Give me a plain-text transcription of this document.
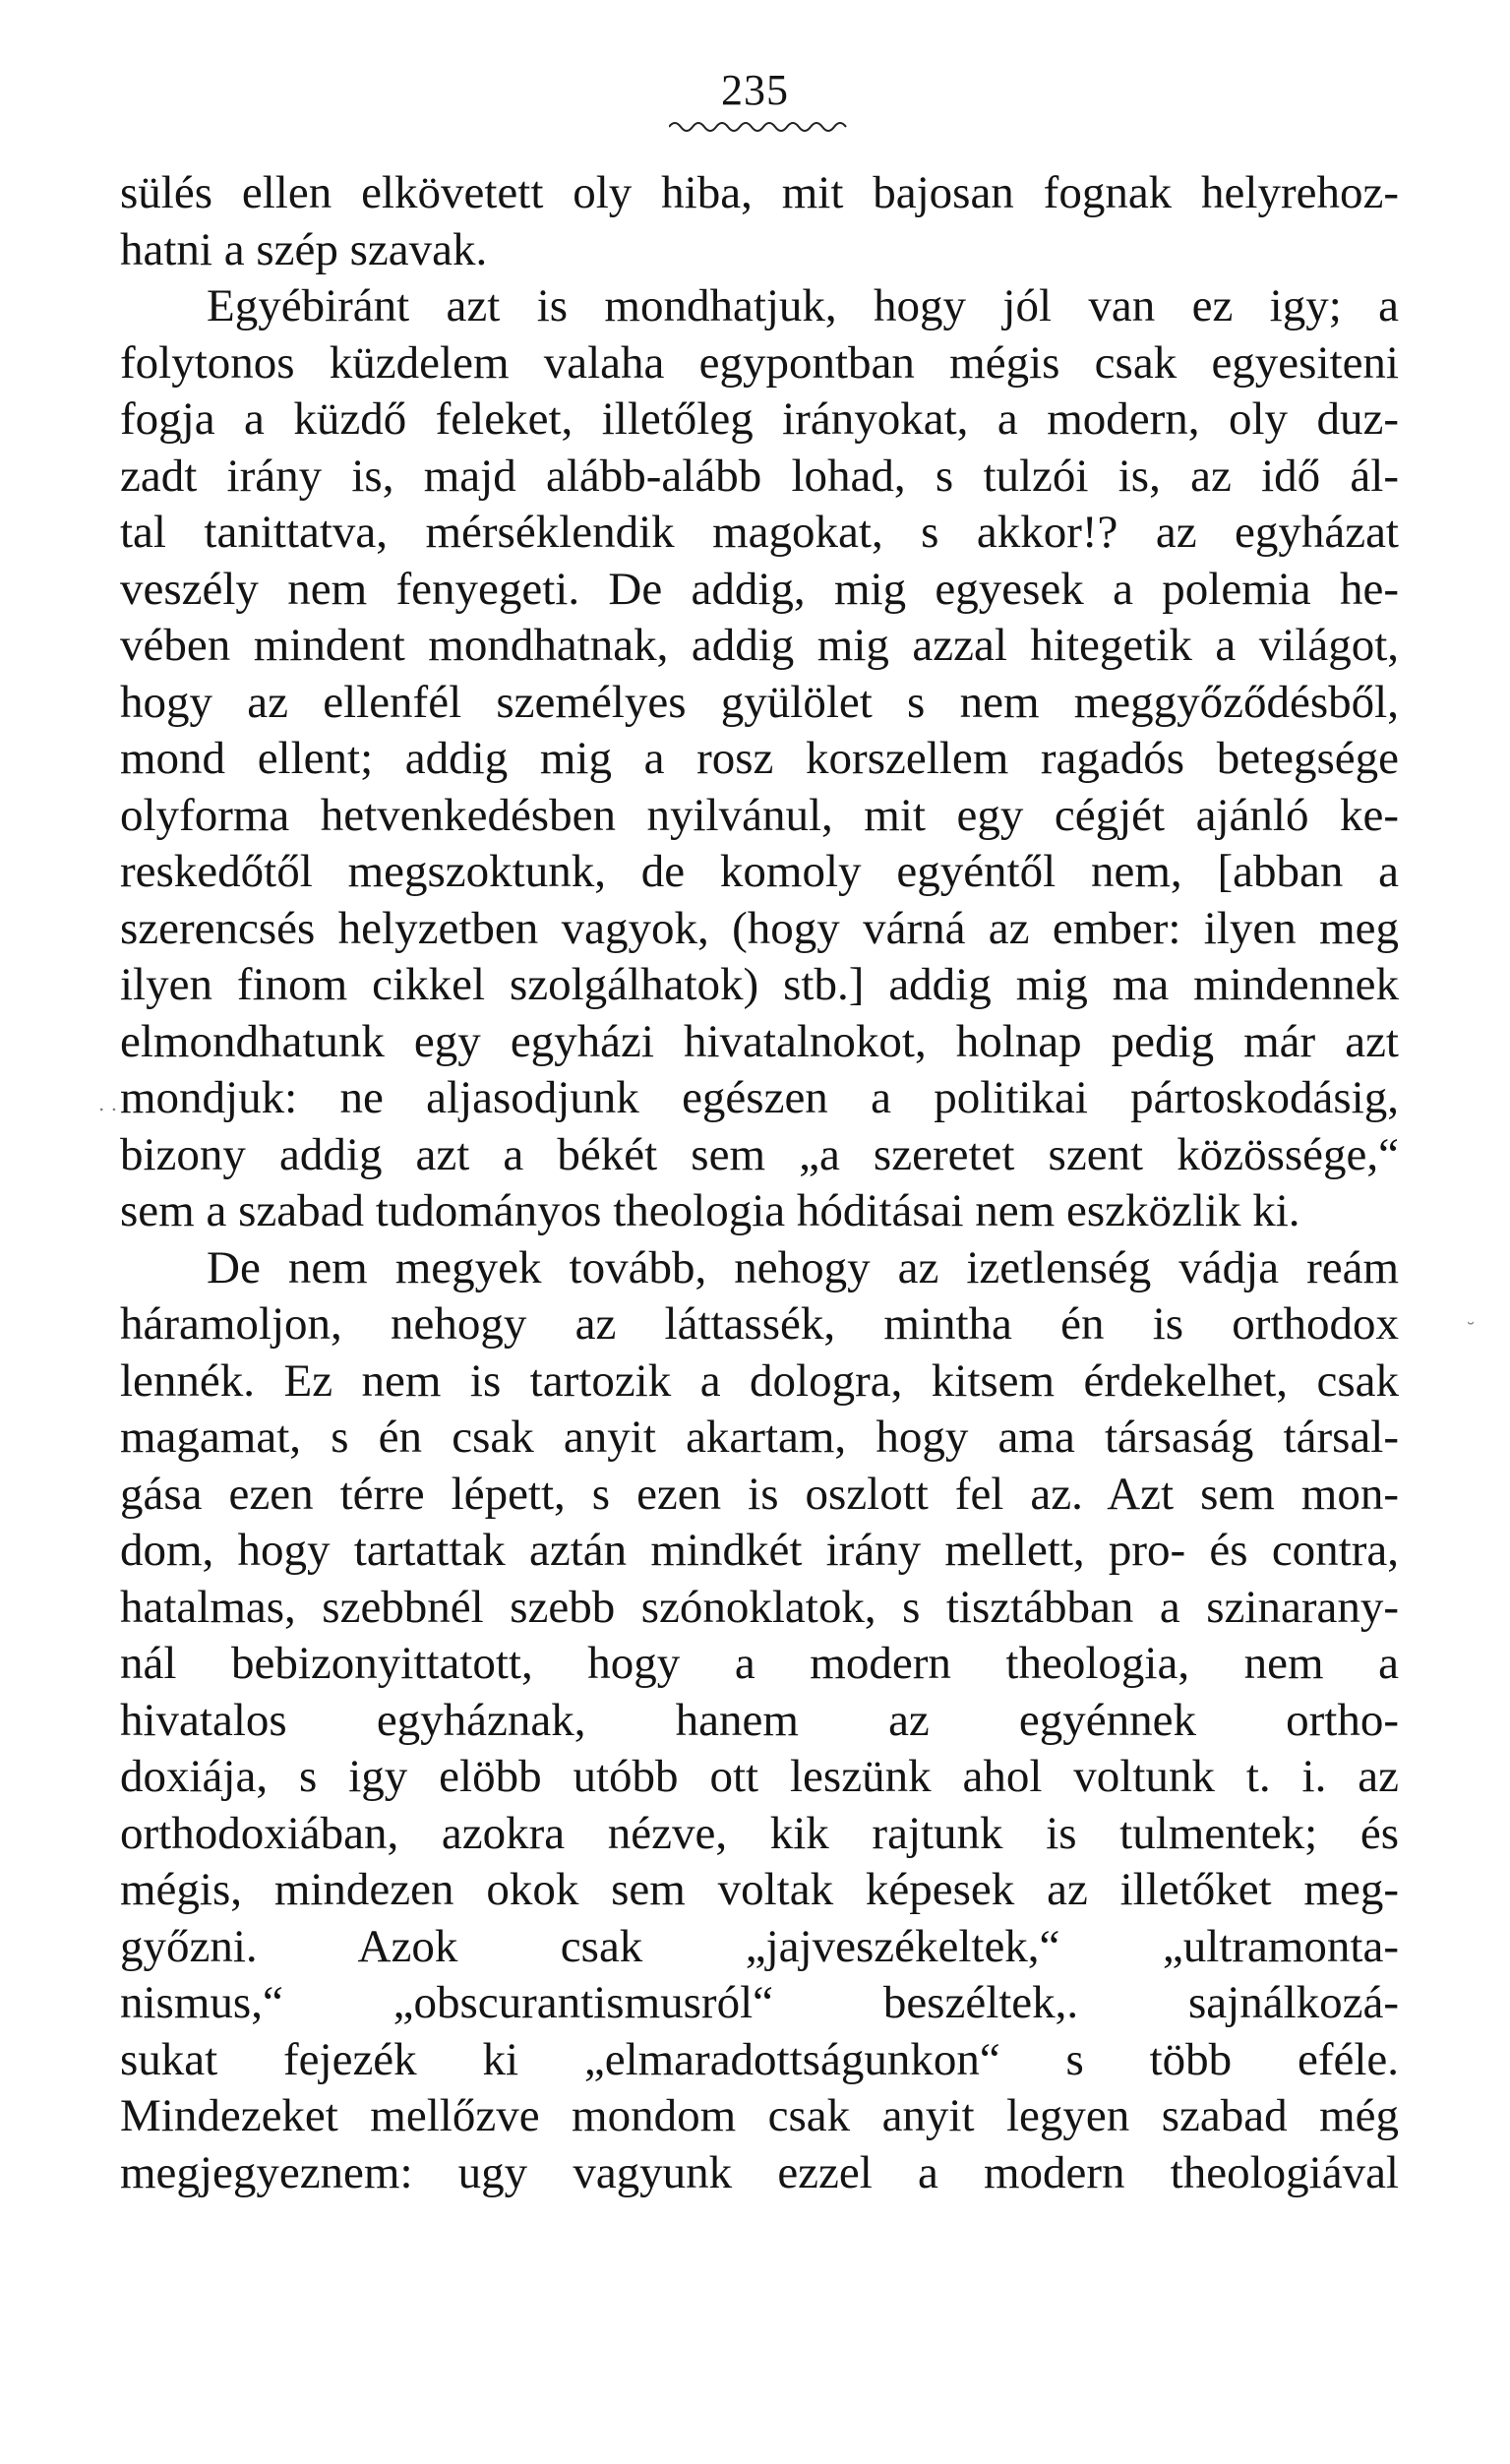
235
. .
˘
sülés ellen elkövetett oly hiba, mit bajosan fognak helyrehoz-
hatni a szép szavak.
Egyébiránt azt is mondhatjuk, hogy jól van ez igy; a
folytonos küzdelem valaha egypontban mégis csak egyesiteni
fogja a küzdő feleket, illetőleg irányokat, a modern, oly duz-
zadt irány is, majd alább-alább lohad, s tulzói is, az idő ál-
tal tanittatva, mérséklendik magokat, s akkor!? az egyházat
veszély nem fenyegeti. De addig, mig egyesek a polemia he-
vében mindent mondhatnak, addig mig azzal hitegetik a világot,
hogy az ellenfél személyes gyülölet s nem meggyőződésből,
mond ellent; addig mig a rosz korszellem ragadós betegsége
olyforma hetvenkedésben nyilvánul, mit egy cégjét ajánló ke-
reskedőtől megszoktunk, de komoly egyéntől nem, [abban a
szerencsés helyzetben vagyok, (hogy várná az ember: ilyen meg
ilyen finom cikkel szolgálhatok) stb.] addig mig ma mindennek
elmondhatunk egy egyházi hivatalnokot, holnap pedig már azt
mondjuk: ne aljasodjunk egészen a politikai pártoskodásig,
bizony addig azt a békét sem „a szeretet szent közössége,“
sem a szabad tudományos theologia hóditásai nem eszközlik ki.
De nem megyek tovább, nehogy az izetlenség vádja reám
háramoljon, nehogy az láttassék, mintha én is orthodox
lennék. Ez nem is tartozik a dologra, kitsem érdekelhet, csak
magamat, s én csak anyit akartam, hogy ama társaság társal-
gása ezen térre lépett, s ezen is oszlott fel az. Azt sem mon-
dom, hogy tartattak aztán mindkét irány mellett, pro- és contra,
hatalmas, szebbnél szebb szónoklatok, s tisztábban a szinarany-
nál bebizonyittatott, hogy a modern theologia, nem a
hivatalos egyháznak, hanem az egyénnek ortho-
doxiája, s igy elöbb utóbb ott leszünk ahol voltunk t. i. az
orthodoxiában, azokra nézve, kik rajtunk is tulmentek; és
mégis, mindezen okok sem voltak képesek az illetőket meg-
győzni. Azok csak „jajveszékeltek,“ „ultramonta-
nismus,“ „obscurantismusról“ beszéltek,. sajnálkozá-
sukat fejezék ki „elmaradottságunkon“ s több eféle.
Mindezeket mellőzve mondom csak anyit legyen szabad még
megjegyeznem: ugy vagyunk ezzel a modern theologiával
